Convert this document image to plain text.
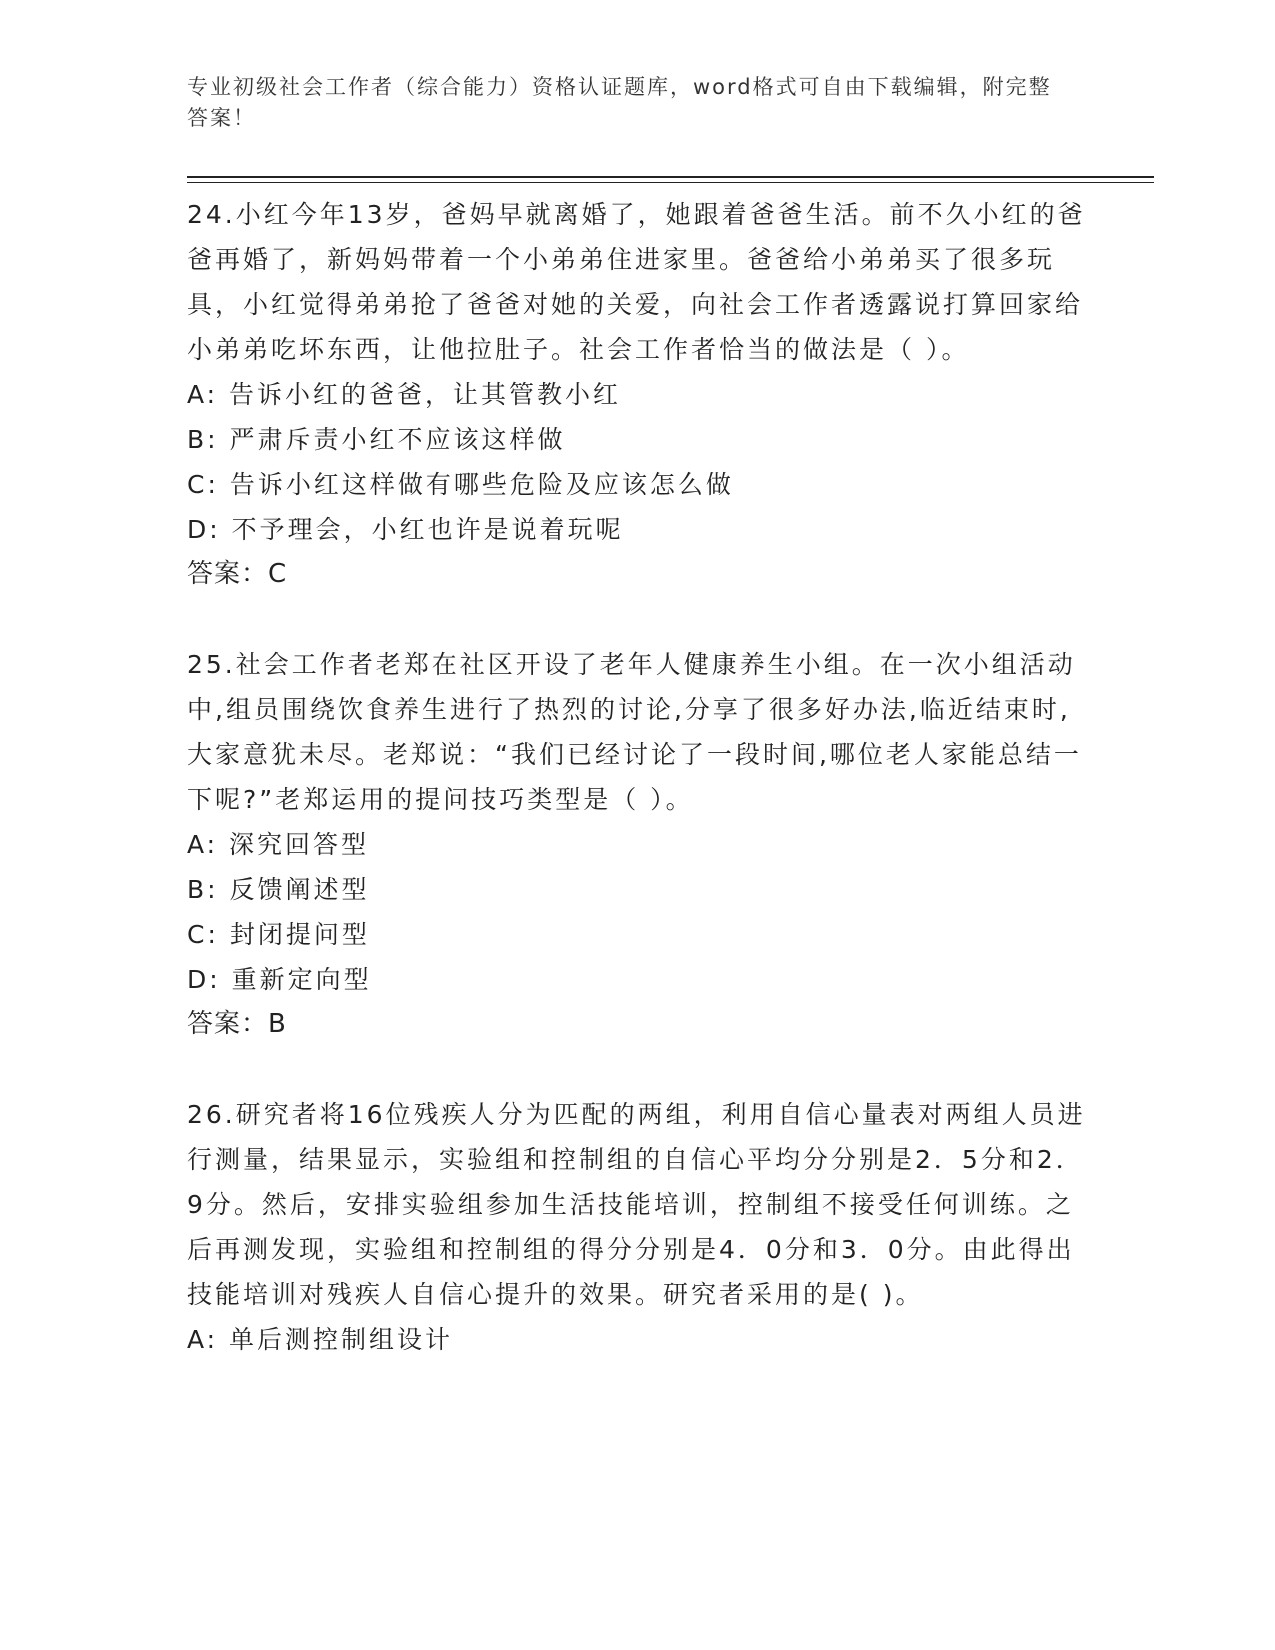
专业初级社会工作者（综合能力）资格认证题库，word格式可自由下载编辑，附完整答案！

24.小红今年13岁，爸妈早就离婚了，她跟着爸爸生活。前不久小红的爸爸再婚了，新妈妈带着一个小弟弟住进家里。爸爸给小弟弟买了很多玩具，小红觉得弟弟抢了爸爸对她的关爱，向社会工作者透露说打算回家给小弟弟吃坏东西，让他拉肚子。社会工作者恰当的做法是（ ）。

A: 告诉小红的爸爸，让其管教小红

B: 严肃斥责小红不应该这样做

C: 告诉小红这样做有哪些危险及应该怎么做

D: 不予理会，小红也许是说着玩呢

答案：C

25.社会工作者老郑在社区开设了老年人健康养生小组。在一次小组活动中,组员围绕饮食养生进行了热烈的讨论,分享了很多好办法,临近结束时,大家意犹未尽。老郑说：“我们已经讨论了一段时间,哪位老人家能总结一下呢?”老郑运用的提问技巧类型是（ ）。

A: 深究回答型

B: 反馈阐述型

C: 封闭提问型

D: 重新定向型

答案：B

26.研究者将16位残疾人分为匹配的两组，利用自信心量表对两组人员进行测量，结果显示，实验组和控制组的自信心平均分分别是2．5分和2．9分。然后，安排实验组参加生活技能培训，控制组不接受任何训练。之后再测发现，实验组和控制组的得分分别是4．0分和3．0分。由此得出技能培训对残疾人自信心提升的效果。研究者采用的是( )。

A: 单后测控制组设计
